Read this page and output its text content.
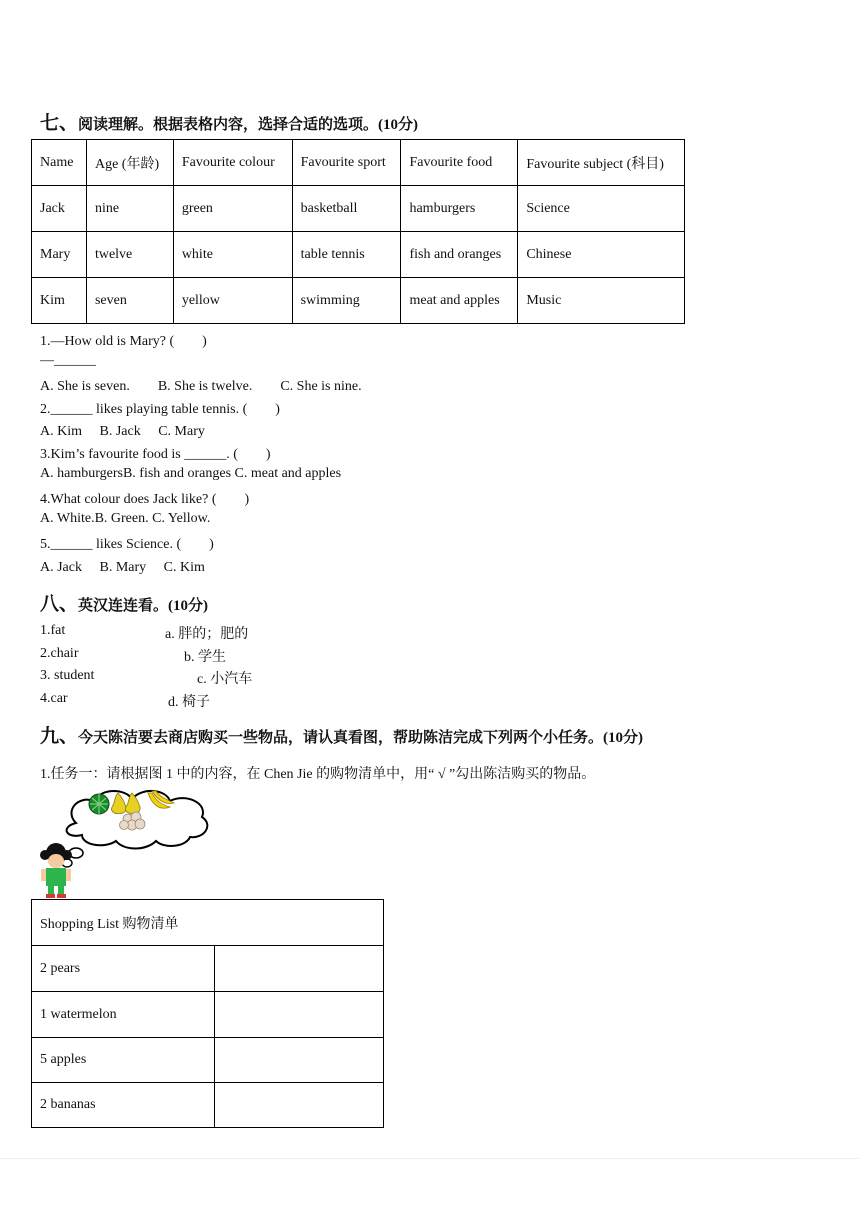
七、阅读理解。根据表格内容，选择合适的选项。(10分)
Name	Age (年龄)	Favourite colour	Favourite sport	Favourite food	Favourite subject (科目)
Jack	nine	green	basketball	hamburgers	Science
Mary	twelve	white	table tennis	fish and oranges	Chinese
Kim	seven	yellow	swimming	meat and apples	Music
1.—How old is Mary? (　　)
—______
A. She is seven.　　B. She is twelve.　　C. She is nine.
2.______ likes playing table tennis. (　　)
A. Kim　 B. Jack　 C. Mary
3.Kim’s favourite food is ______. (　　)
A. hamburgersB. fish and oranges C. meat and apples
4.What colour does Jack like? (　　)
A. White.B. Green. C. Yellow.
5.______ likes Science. (　　)
A. Jack　 B. Mary　 C. Kim
八、英汉连连看。(10分)
1.fat
2.chair
3. student
4.car
a. 胖的；肥的
b. 学生
c. 小汽车
d. 椅子
九、今天陈洁要去商店购买一些物品，请认真看图，帮助陈洁完成下列两个小任务。(10分)
1.任务一：请根据图 1 中的内容，在 Chen Jie 的购物清单中，用“ √ ”勾出陈洁购买的物品。
Shopping List 购物清单	
2 pears	
1 watermelon	
5 apples	
2 bananas	
